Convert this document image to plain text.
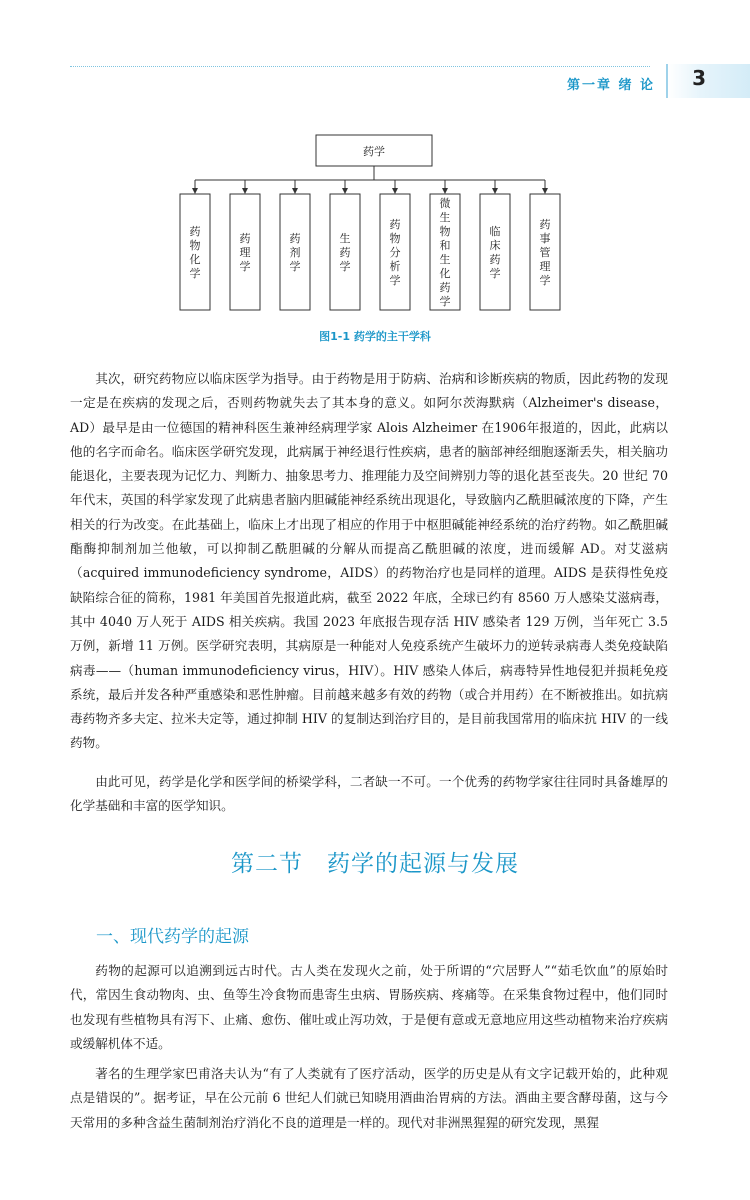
第一章 绪 论 3
药学
药物化学
药理学
药剂学
生药学
药物分析学
微生物和生化药学
临床药学
药事管理学
图1-1 药学的主干学科

其次，研究药物应以临床医学为指导。由于药物是用于防病、治病和诊断疾病的物质，因此药物的发现一定是在疾病的发现之后，否则药物就失去了其本身的意义。如阿尔茨海默病（Alzheimer's disease，AD）最早是由一位德国的精神科医生兼神经病理学家 Alois Alzheimer 在1906年报道的，因此，此病以他的名字而命名。临床医学研究发现，此病属于神经退行性疾病，患者的脑部神经细胞逐渐丢失，相关脑功能退化，主要表现为记忆力、判断力、抽象思考力、推理能力及空间辨别力等的退化甚至丧失。20 世纪 70 年代末，英国的科学家发现了此病患者脑内胆碱能神经系统出现退化，导致脑内乙酰胆碱浓度的下降，产生相关的行为改变。在此基础上，临床上才出现了相应的作用于中枢胆碱能神经系统的治疗药物。如乙酰胆碱酯酶抑制剂加兰他敏，可以抑制乙酰胆碱的分解从而提高乙酰胆碱的浓度，进而缓解 AD。对艾滋病（acquired immunodeficiency syndrome，AIDS）的药物治疗也是同样的道理。AIDS 是获得性免疫缺陷综合征的简称，1981 年美国首先报道此病，截至 2022 年底，全球已约有 8560 万人感染艾滋病毒，其中 4040 万人死于 AIDS 相关疾病。我国 2023 年底报告现存活 HIV 感染者 129 万例，当年死亡 3.5 万例，新增 11 万例。医学研究表明，其病原是一种能对人免疫系统产生破坏力的逆转录病毒人类免疫缺陷病毒——（human immunodeficiency virus，HIV）。HIV 感染人体后，病毒特异性地侵犯并损耗免疫系统，最后并发各种严重感染和恶性肿瘤。目前越来越多有效的药物（或合并用药）在不断被推出。如抗病毒药物齐多夫定、拉米夫定等，通过抑制 HIV 的复制达到治疗目的，是目前我国常用的临床抗 HIV 的一线药物。

由此可见，药学是化学和医学间的桥梁学科，二者缺一不可。一个优秀的药物学家往往同时具备雄厚的化学基础和丰富的医学知识。

第二节　药学的起源与发展
一、现代药学的起源

药物的起源可以追溯到远古时代。古人类在发现火之前，处于所谓的“穴居野人”“茹毛饮血”的原始时代，常因生食动物肉、虫、鱼等生冷食物而患寄生虫病、胃肠疾病、疼痛等。在采集食物过程中，他们同时也发现有些植物具有泻下、止痛、愈伤、催吐或止泻功效，于是便有意或无意地应用这些动植物来治疗疾病或缓解机体不适。

著名的生理学家巴甫洛夫认为“有了人类就有了医疗活动，医学的历史是从有文字记载开始的，此种观点是错误的”。据考证，早在公元前 6 世纪人们就已知晓用酒曲治胃病的方法。酒曲主要含酵母菌，这与今天常用的多种含益生菌制剂治疗消化不良的道理是一样的。现代对非洲黑猩猩的研究发现，黑猩
